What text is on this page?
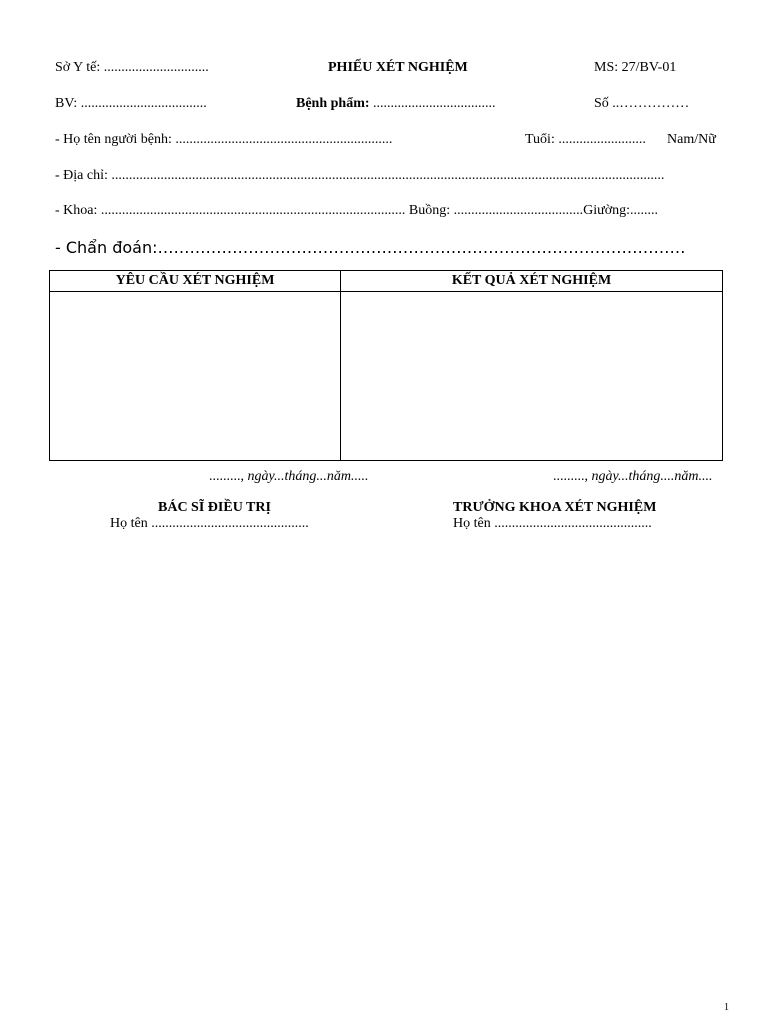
Sở Y tế: ..............................	PHIẾU XÉT NGHIỆM	MS: 27/BV-01
BV: ....................................	Bệnh phẩm: ...................................	Số ..……………
- Họ tên người bệnh: ..............................................................	Tuổi: ......................... Nam/Nữ
- Địa chỉ: ..............................................................................................................................................................
- Khoa: ....................................................................................... Buồng: .....................................Giường:........
- Chẩn đoán:………………………………………………………………………………………
YÊU CẦU XÉT NGHIỆM	KẾT QUẢ XÉT NGHIỆM

........., ngày...tháng...năm.....	........., ngày...tháng....năm....
BÁC SĨ ĐIỀU TRỊ
Họ tên .............................................
TRƯỞNG KHOA XÉT NGHIỆM
Họ tên .............................................
1
